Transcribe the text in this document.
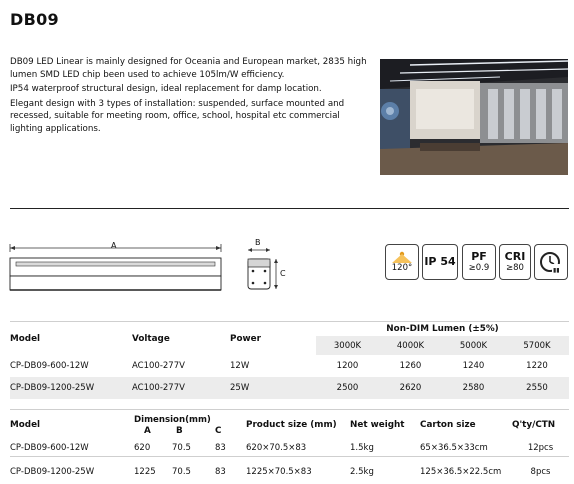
DB09

DB09 LED Linear is mainly designed for Oceania and European market, 2835 high lumen SMD LED chip been used to achieve 105lm/W efficiency.

IP54 waterproof structural design, ideal replacement for damp location.

Elegant design with 3 types of installation: suspended, surface mounted and recessed, suitable for meeting room, office, school, hospital etc commercial lighting applications.

A	B
C
120° IP 54 PF
≥0.9
CRI
≥80	▮▮
Model	Voltage	Power	Non-DIM Lumen (±5%)			
			3000K	4000K	5000K	5700K
CP-DB09-600-12W	AC100-277V	12W	1200	1260	1240	1220
CP-DB09-1200-25W	AC100-277V	25W	2500	2620	2580	2550
Model	Dimension(mm)			Product size (mm)	Net weight	Carton size	Q'ty/CTN
	A	B	C				
CP-DB09-600-12W	620	70.5	83	620×70.5×83	1.5kg	65×36.5×33cm	12pcs
CP-DB09-1200-25W	1225	70.5	83	1225×70.5×83	2.5kg	125×36.5×22.5cm	8pcs
